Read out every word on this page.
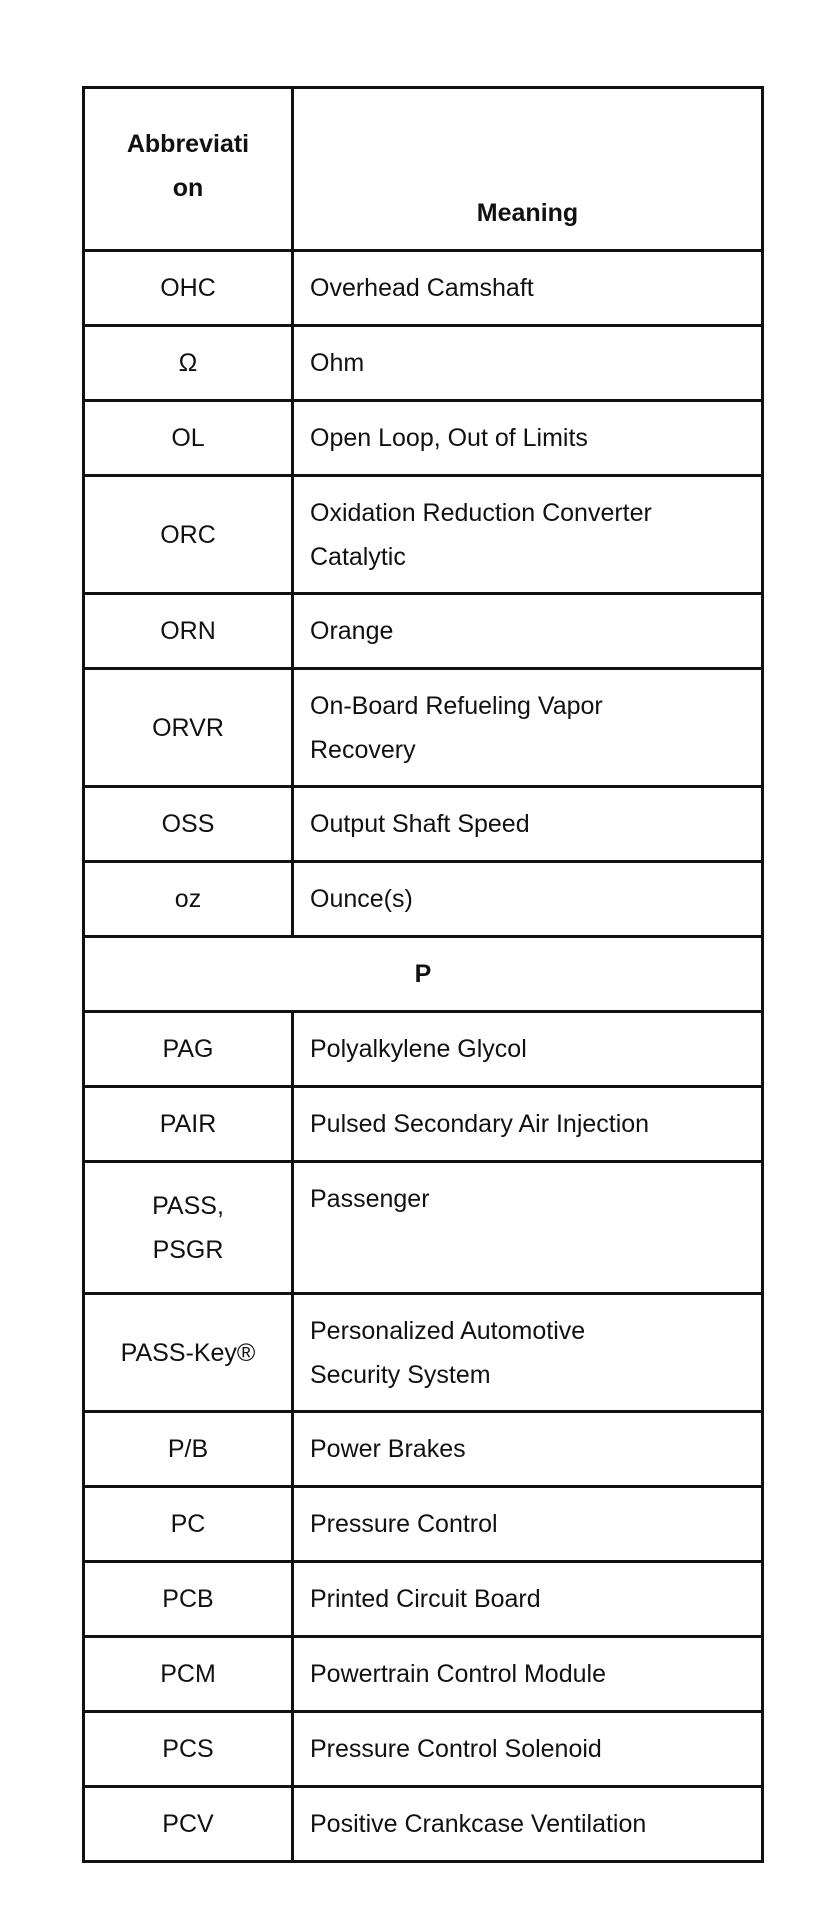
Abbreviati
on	Meaning
OHC	Overhead Camshaft
Ω	Ohm
OL	Open Loop, Out of Limits
ORC	Oxidation Reduction Converter
Catalytic
ORN	Orange
ORVR	On-Board Refueling Vapor
Recovery
OSS	Output Shaft Speed
oz	Ounce(s)
P	
PAG	Polyalkylene Glycol
PAIR	Pulsed Secondary Air Injection
PASS,
PSGR	Passenger
PASS-Key®	Personalized Automotive
Security System
P/B	Power Brakes
PC	Pressure Control
PCB	Printed Circuit Board
PCM	Powertrain Control Module
PCS	Pressure Control Solenoid
PCV	Positive Crankcase Ventilation
